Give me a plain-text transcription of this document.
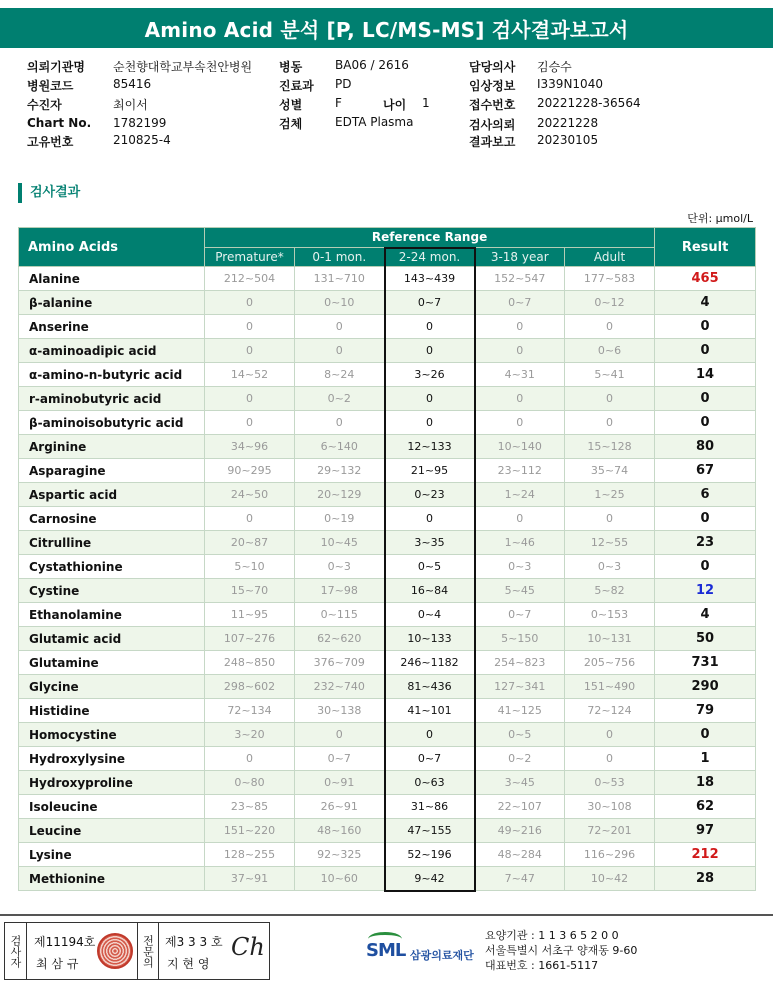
Amino Acid 분석 [P, LC/MS-MS] 검사결과보고서
의뢰기관명 순천향대학교부속천안병원
병원코드	85416
수진자	최이서
Chart No. 1782199
고유번호	210825-4
병동	BA06 / 2616
진료과 PD
성별	F	나이 1
검체	EDTA Plasma
담당의사 김승수
임상정보 I339N1040
접수번호 20221228-36564
검사의뢰 20221228
결과보고 20230105
검사결과
단위: μmol/L
Amino Acids	Reference Range					Result
	Premature*	0-1 mon.	2-24 mon.	3-18 year	Adult	
Alanine	212~504	131~710	143~439	152~547	177~583	465
β-alanine	0	0~10	0~7	0~7	0~12	4
Anserine	0	0	0	0	0	0
α-aminoadipic acid	0	0	0	0	0~6	0
α-amino-n-butyric acid	14~52	8~24	3~26	4~31	5~41	14
r-aminobutyric acid	0	0~2	0	0	0	0
β-aminoisobutyric acid	0	0	0	0	0	0
Arginine	34~96	6~140	12~133	10~140	15~128	80
Asparagine	90~295	29~132	21~95	23~112	35~74	67
Aspartic acid	24~50	20~129	0~23	1~24	1~25	6
Carnosine	0	0~19	0	0	0	0
Citrulline	20~87	10~45	3~35	1~46	12~55	23
Cystathionine	5~10	0~3	0~5	0~3	0~3	0
Cystine	15~70	17~98	16~84	5~45	5~82	12
Ethanolamine	11~95	0~115	0~4	0~7	0~153	4
Glutamic acid	107~276	62~620	10~133	5~150	10~131	50
Glutamine	248~850	376~709	246~1182	254~823	205~756	731
Glycine	298~602	232~740	81~436	127~341	151~490	290
Histidine	72~134	30~138	41~101	41~125	72~124	79
Homocystine	3~20	0	0	0~5	0	0
Hydroxylysine	0	0~7	0~7	0~2	0	1
Hydroxyproline	0~80	0~91	0~63	3~45	0~53	18
Isoleucine	23~85	26~91	31~86	22~107	30~108	62
Leucine	151~220	48~160	47~155	49~216	72~201	97
Lysine	128~255	92~325	52~196	48~284	116~296	212
Methionine	37~91	10~60	9~42	7~47	10~42	28
검사자 제11194호
최 삼 규	전문의 제3 3 3 호
지 현 영
Ch	SML 삼광의료재단
요양기관 : 1 1 3 6 5 2 0 0
서울특별시 서초구 양재동 9-60
대표번호 : 1661-5117
